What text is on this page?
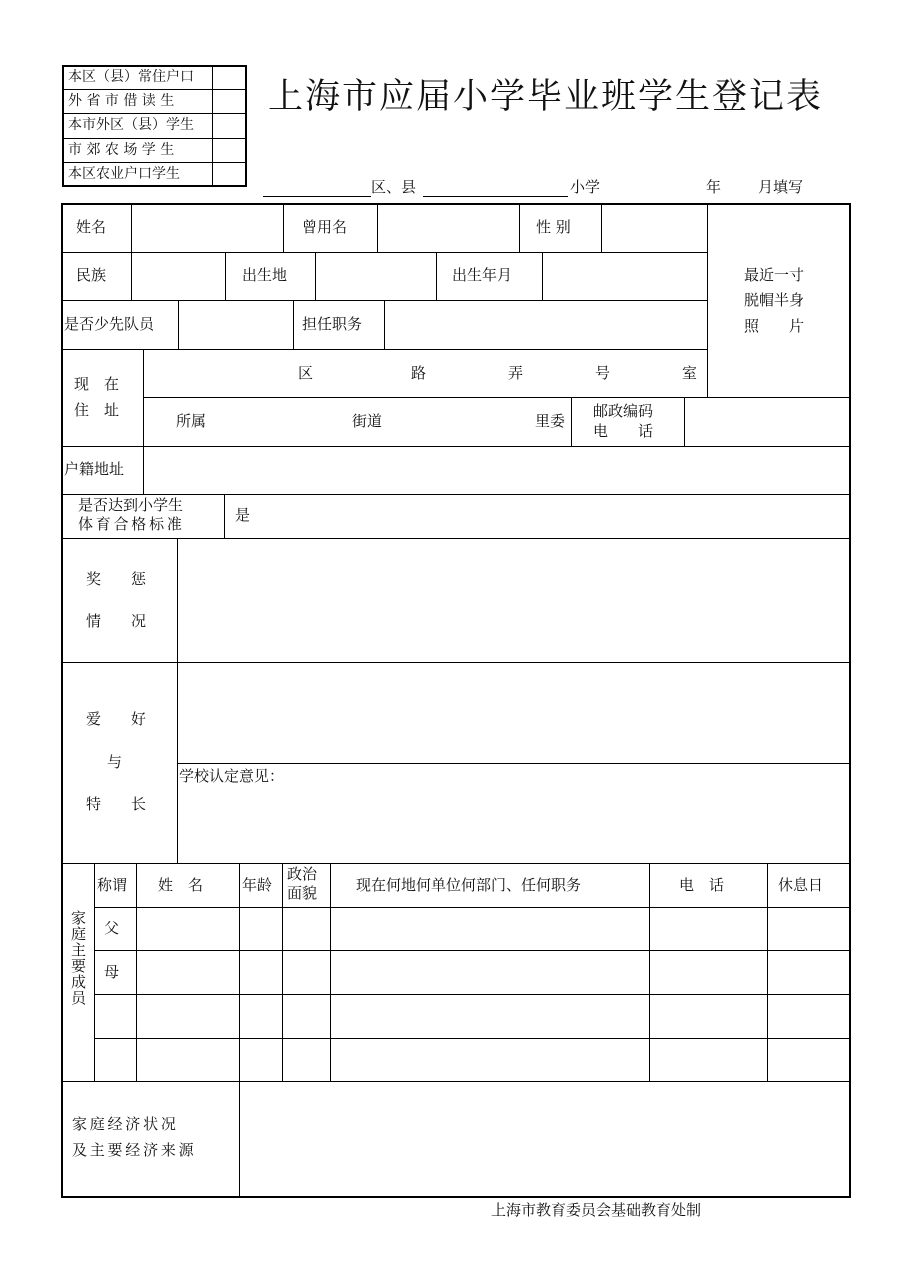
本区（县）常住户口
外 省 市 借 读 生
本市外区（县）学生
市 郊 农 场 学 生
本区农业户口学生
上海市应届小学毕业班学生登记表
区、县	小学	年 月填写
姓名	曾用名	性 别
民族	出生地	出生年月	最近一寸
脱帽半身
照　　片
是否少先队员	担任职务
现　在
住　址
区	路	弄	号	室
所属	街道	里委
邮政编码
电　　话
户籍地址
是否达到小学生
体 育 合 格 标 准	是
奖　　惩
情　　况
爱　　好
与
特　　长
学校认定意见：
家庭主要成员
称谓 姓　名	年龄
政治
面貌	现在何地何单位何部门、任何职务	电　话	休息日
父
母
家 庭 经 济 状 况
及 主 要 经 济 来 源
上海市教育委员会基础教育处制
